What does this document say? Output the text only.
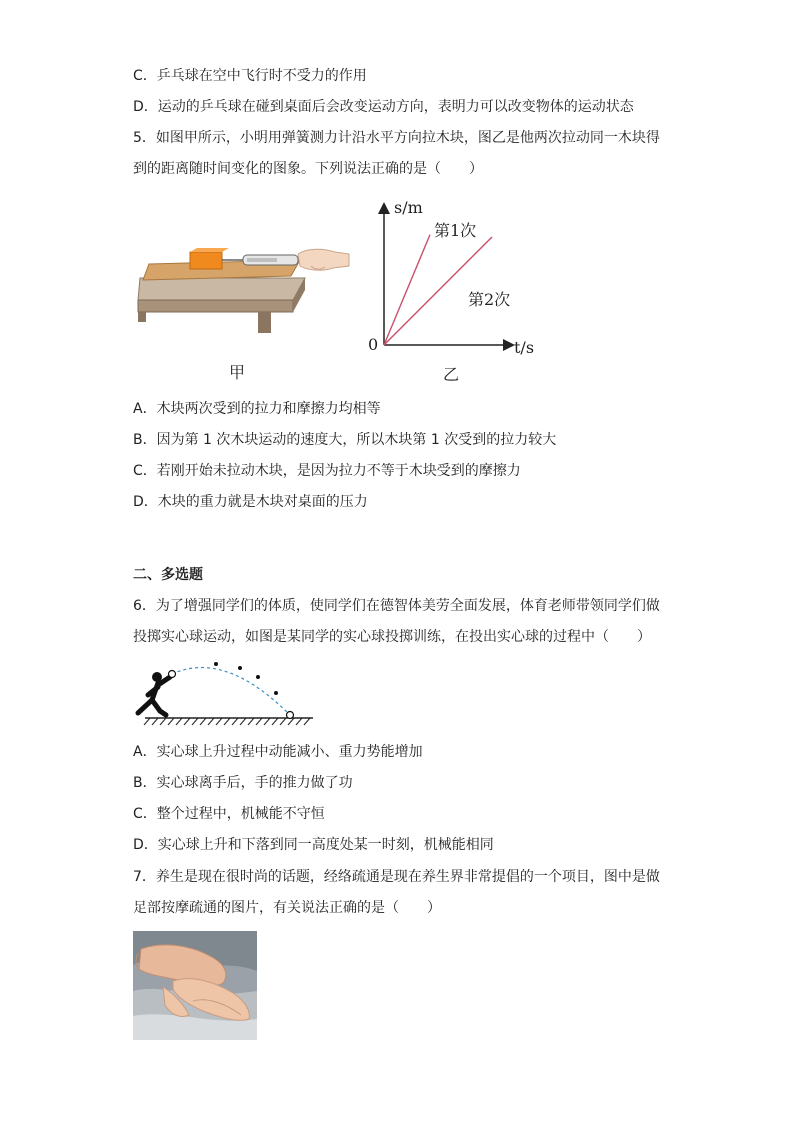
C．乒乓球在空中飞行时不受力的作用
D．运动的乒乓球在碰到桌面后会改变运动方向，表明力可以改变物体的运动状态
5．如图甲所示，小明用弹簧测力计沿水平方向拉木块，图乙是他两次拉动同一木块得
到的距离随时间变化的图象。下列说法正确的是（　　）
甲
s/m
t/s
0
第1次
第2次
乙
A．木块两次受到的拉力和摩擦力均相等
B．因为第 1 次木块运动的速度大，所以木块第 1 次受到的拉力较大
C．若刚开始未拉动木块，是因为拉力不等于木块受到的摩擦力
D．木块的重力就是木块对桌面的压力
二、多选题
6．为了增强同学们的体质，使同学们在德智体美劳全面发展，体育老师带领同学们做
投掷实心球运动，如图是某同学的实心球投掷训练，在投出实心球的过程中（　　）
A．实心球上升过程中动能减小、重力势能增加
B．实心球离手后，手的推力做了功
C．整个过程中，机械能不守恒
D．实心球上升和下落到同一高度处某一时刻，机械能相同
7．养生是现在很时尚的话题，经络疏通是现在养生界非常提倡的一个项目，图中是做
足部按摩疏通的图片，有关说法正确的是（　　）
